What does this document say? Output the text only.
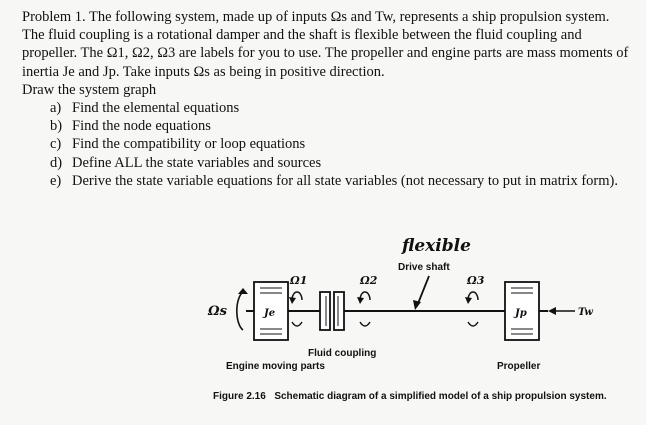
Problem 1. The following system, made up of inputs Ωs and Tw, represents a ship propulsion system. The fluid coupling is a rotational damper and the shaft is flexible between the fluid coupling and propeller. The Ω1, Ω2, Ω3 are labels for you to use. The propeller and engine parts are mass moments of inertia Je and Jp. Take inputs Ωs as being in positive direction.

Draw the system graph

a) Find the elemental equations
b) Find the node equations
c) Find the compatibility or loop equations
d) Define ALL the state variables and sources
e) Derive the state variable equations for all state variables (not necessary to put in matrix form).
flexible
Drive shaft
Ωs
Ω1	Ω2	Ω3
Je	Jp	Tw
Fluid coupling
Engine moving parts	Propeller
Figure 2.16 Schematic diagram of a simplified model of a ship propulsion system.
